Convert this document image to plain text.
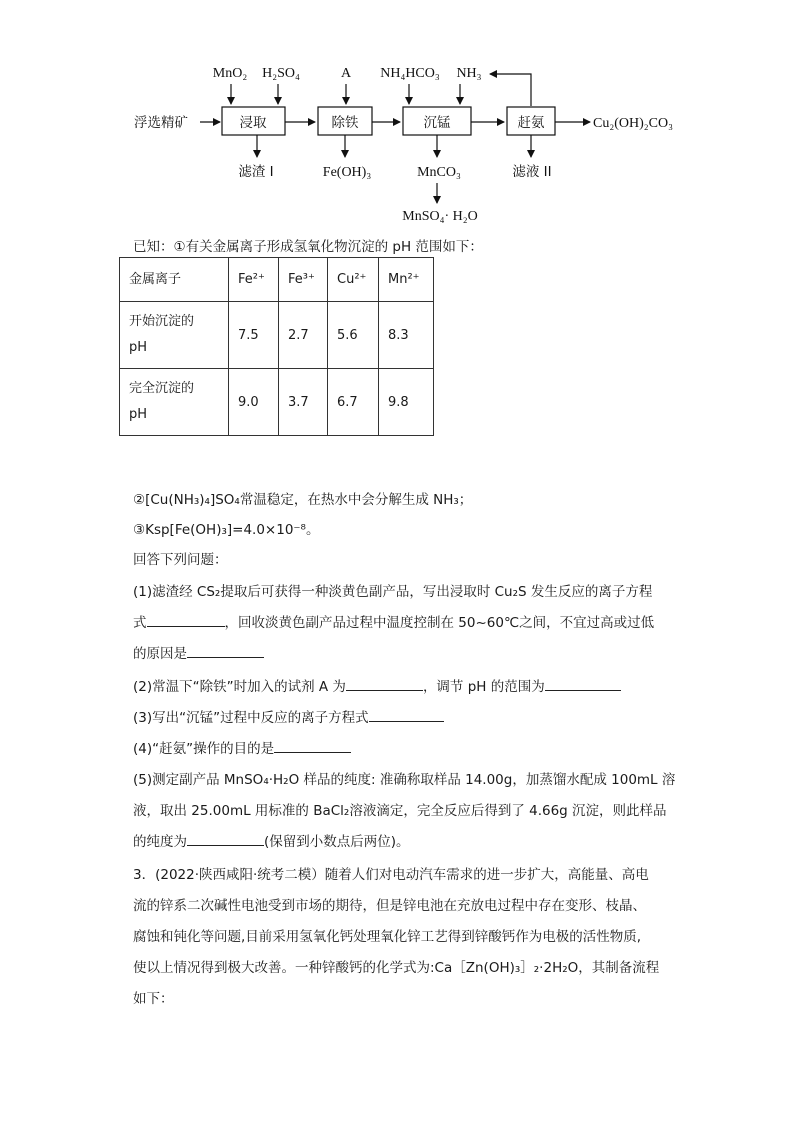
MnO₂ H₂SO₄	A NH₄HCO₃ NH₃
浮选精矿	浸取	除铁	沉锰	赶氨	Cu₂(OH)₂CO₃
滤渣 I	Fe(OH)₃	MnCO₃	滤液 II
MnSO₄· H₂O
已知：①有关金属离子形成氢氧化物沉淀的 pH 范围如下：
金属离子	Fe²⁺	Fe³⁺	Cu²⁺	Mn²⁺
开始沉淀的
pH	7.5	2.7	5.6	8.3
完全沉淀的
pH	9.0	3.7	6.7	9.8
②[Cu(NH₃)₄]SO₄常温稳定，在热水中会分解生成 NH₃；
③Ksp[Fe(OH)₃]=4.0×10⁻⁸。
回答下列问题：
(1)滤渣经 CS₂提取后可获得一种淡黄色副产品，写出浸取时 Cu₂S 发生反应的离子方程
式	，回收淡黄色副产品过程中温度控制在 50~60℃之间，不宜过高或过低
的原因是
(2)常温下“除铁”时加入的试剂 A 为	，调节 pH 的范围为
(3)写出“沉锰”过程中反应的离子方程式
(4)“赶氨”操作的目的是
(5)测定副产品 MnSO₄·H₂O 样品的纯度: 准确称取样品 14.00g，加蒸馏水配成 100mL 溶
液，取出 25.00mL 用标准的 BaCl₂溶液滴定，完全反应后得到了 4.66g 沉淀，则此样品
的纯度为	(保留到小数点后两位)。
3．(2022·陕西咸阳·统考二模）随着人们对电动汽车需求的进一步扩大，高能量、高电
流的锌系二次碱性电池受到市场的期待，但是锌电池在充放电过程中存在变形、枝晶、
腐蚀和钝化等问题,目前采用氢氧化钙处理氧化锌工艺得到锌酸钙作为电极的活性物质,
使以上情况得到极大改善。一种锌酸钙的化学式为:Ca［Zn(OH)₃］₂·2H₂O，其制备流程
如下：
